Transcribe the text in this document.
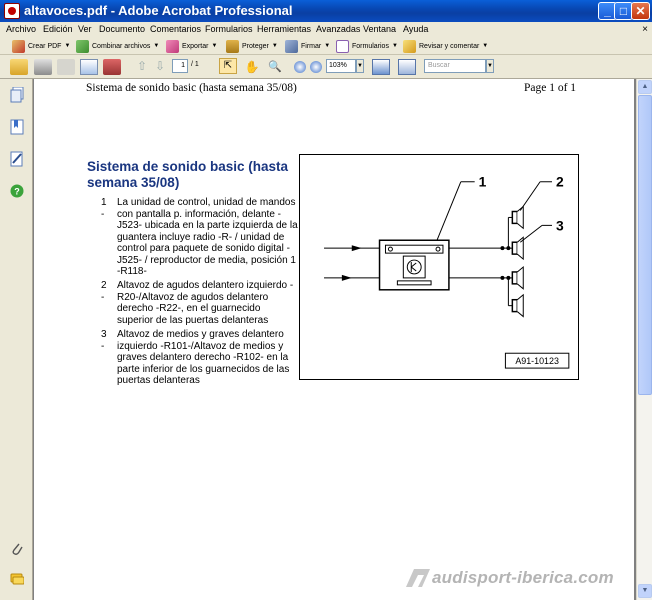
altavoces.pdf - Adobe Acrobat Professional	_ □ ✕
Archivo Edición Ver Documento Comentarios Formularios Herramientas Avanzadas Ventana Ayuda	×
Crear PDF ▼	Combinar archivos ▼	Exportar ▼	Proteger ▼	Firmar ▼	Formularios ▼	Revisar y comentar ▼
⇧ ⇩	⇱	✋ 🔍
1 / 1	103%	▼	Buscar	▼
?
Sistema de sonido basic (hasta semana 35/08)	Page 1 of 1
Sistema de sonido basic (hasta semana 35/08)
1 -
La unidad de control, unidad de mandos con pantalla p. información, delante -J523- ubicada en la parte izquierda de la guantera incluye radio -R- / unidad de control para paquete de sonido digital -J525- / reproductor de media, posición 1 -R118-
2 -
Altavoz de agudos delantero izquierdo -R20-/Altavoz de agudos delantero derecho -R22-, en el guarnecido superior de las puertas delanteras
3 -
Altavoz de medios y graves delantero izquierdo -R101-/Altavoz de medios y graves delantero derecho -R102- en la parte inferior de los guarnecidos de las puertas delanteras
1	2
3
A91-10123
▲
▼
audisport-iberica.com
